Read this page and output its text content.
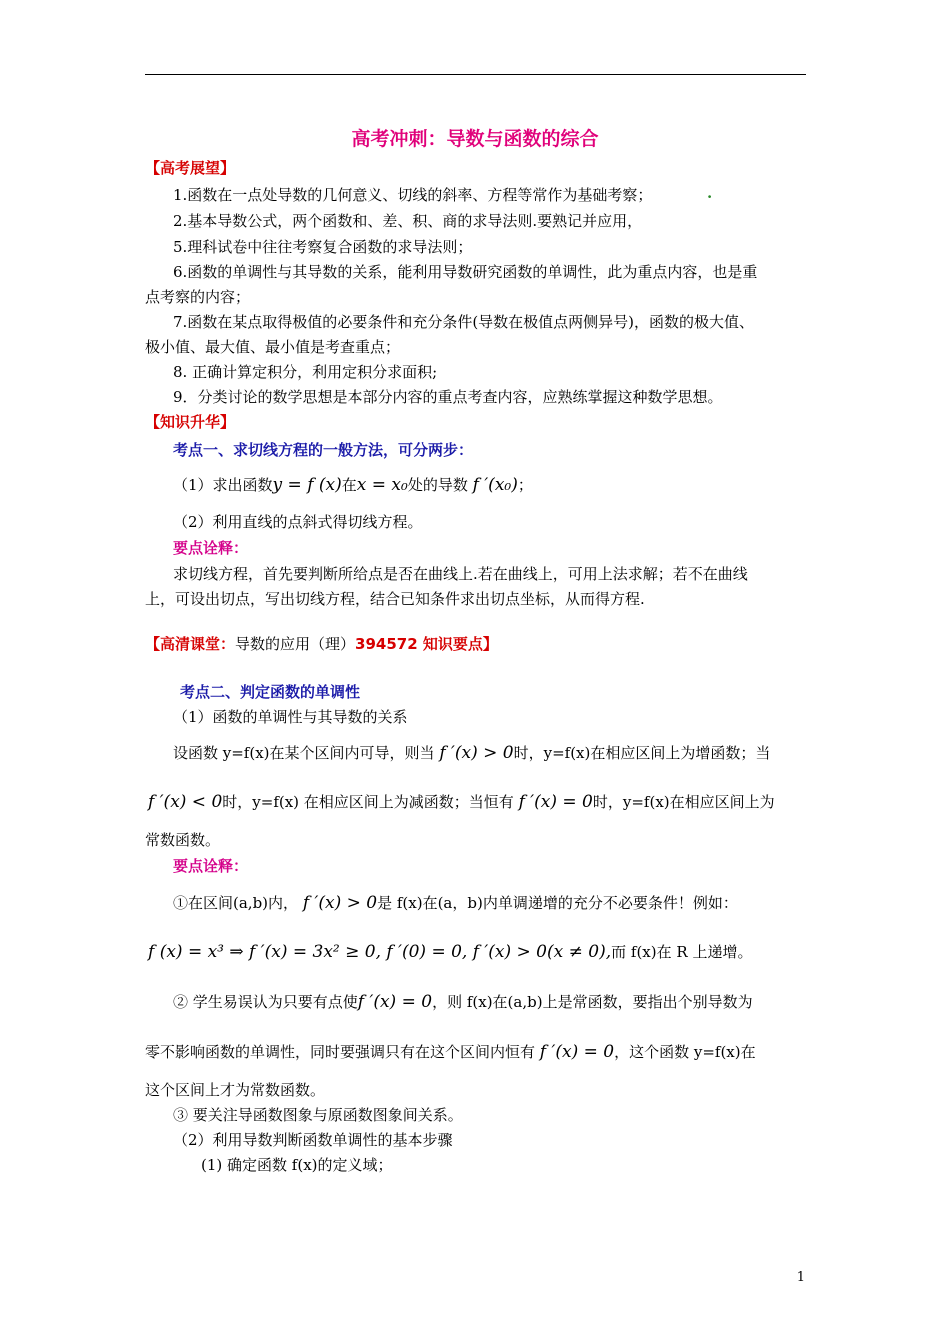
高考冲刺：导数与函数的综合
【高考展望】
1.函数在一点处导数的几何意义、切线的斜率、方程等常作为基础考察；	.
2.基本导数公式，两个函数和、差、积、商的求导法则.要熟记并应用，
5.理科试卷中往往考察复合函数的求导法则；
6.函数的单调性与其导数的关系，能利用导数研究函数的单调性，此为重点内容，也是重
点考察的内容；
7.函数在某点取得极值的必要条件和充分条件(导数在极值点两侧异号)，函数的极大值、
极小值、最大值、最小值是考查重点；
8. 正确计算定积分，利用定积分求面积;
9．分类讨论的数学思想是本部分内容的重点考查内容，应熟练掌握这种数学思想。
【知识升华】
考点一、求切线方程的一般方法，可分两步：
（1）求出函数y = f (x)在x = x₀处的导数 f ′(x₀)；
（2）利用直线的点斜式得切线方程。
要点诠释：
求切线方程，首先要判断所给点是否在曲线上.若在曲线上，可用上法求解；若不在曲线
上，可设出切点，写出切线方程，结合已知条件求出切点坐标，从而得方程.
【高清课堂：导数的应用（理）394572 知识要点】
考点二、判定函数的单调性
（1）函数的单调性与其导数的关系
设函数 y=f(x)在某个区间内可导，则当 f ′(x) > 0时，y=f(x)在相应区间上为增函数；当
f ′(x) < 0时，y=f(x) 在相应区间上为减函数；当恒有 f ′(x) = 0时，y=f(x)在相应区间上为
常数函数。
要点诠释：
①在区间(a,b)内， f ′(x) > 0是 f(x)在(a，b)内单调递增的充分不必要条件！例如：
f (x) = x³ ⇒ f ′(x) = 3x² ≥ 0, f ′(0) = 0, f ′(x) > 0(x ≠ 0),而 f(x)在 R 上递增。
② 学生易误认为只要有点使f ′(x) = 0，则 f(x)在(a,b)上是常函数，要指出个别导数为
零不影响函数的单调性，同时要强调只有在这个区间内恒有 f ′(x) = 0，这个函数 y=f(x)在
这个区间上才为常数函数。
③ 要关注导函数图象与原函数图象间关系。
（2）利用导数判断函数单调性的基本步骤
(1) 确定函数 f(x)的定义域；
1
